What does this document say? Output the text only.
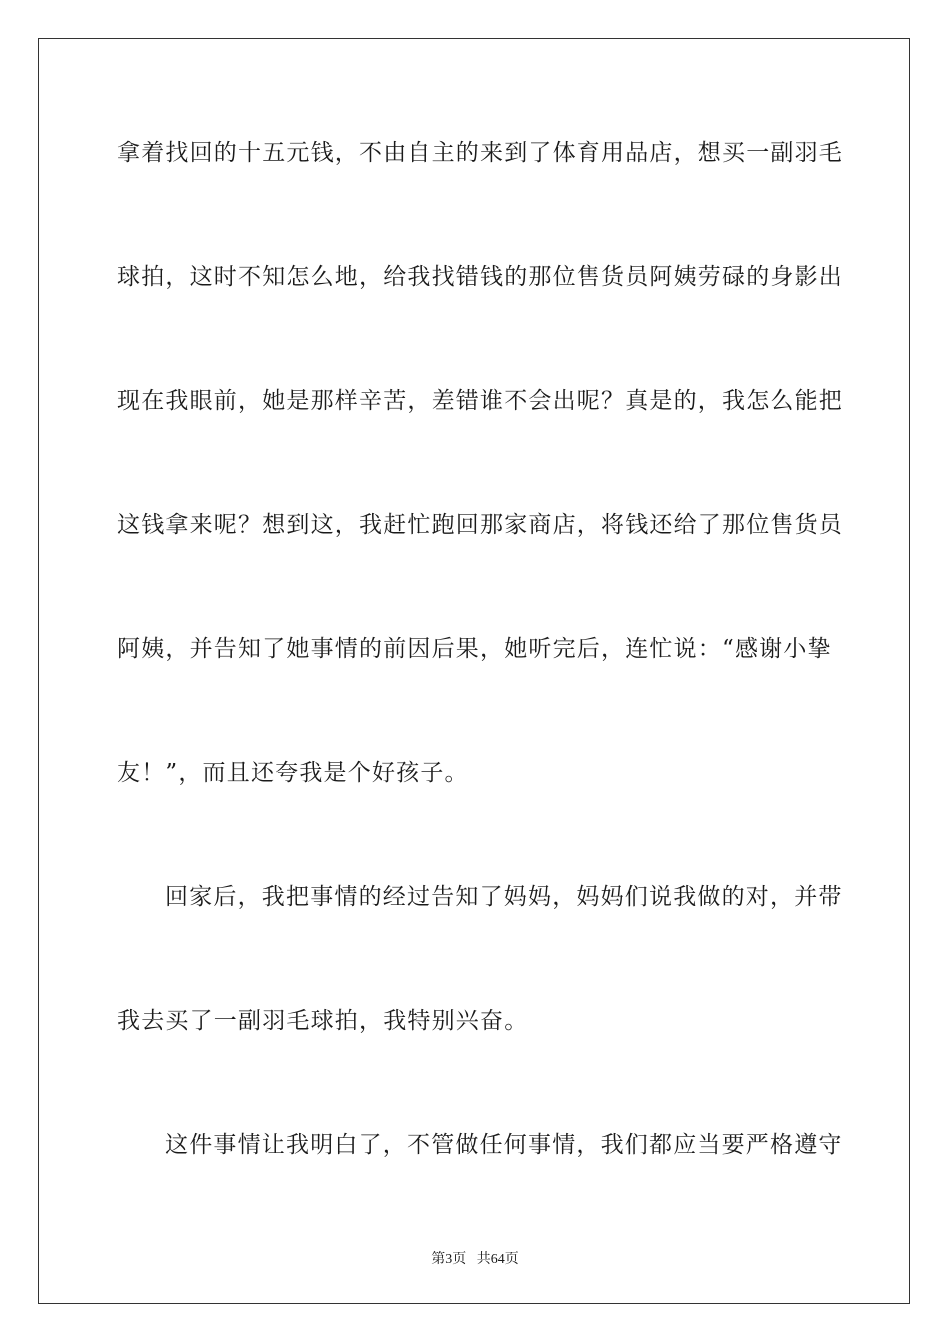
拿着找回的十五元钱，不由自主的来到了体育用品店，想买一副羽毛
球拍，这时不知怎么地，给我找错钱的那位售货员阿姨劳碌的身影出
现在我眼前，她是那样辛苦，差错谁不会出呢？真是的，我怎么能把
这钱拿来呢？想到这，我赶忙跑回那家商店，将钱还给了那位售货员
阿姨，并告知了她事情的前因后果，她听完后，连忙说：“感谢小挚
友！”，而且还夸我是个好孩子。
回家后，我把事情的经过告知了妈妈，妈妈们说我做的对，并带
我去买了一副羽毛球拍，我特别兴奋。
这件事情让我明白了，不管做任何事情，我们都应当要严格遵守
第3页 共64页
